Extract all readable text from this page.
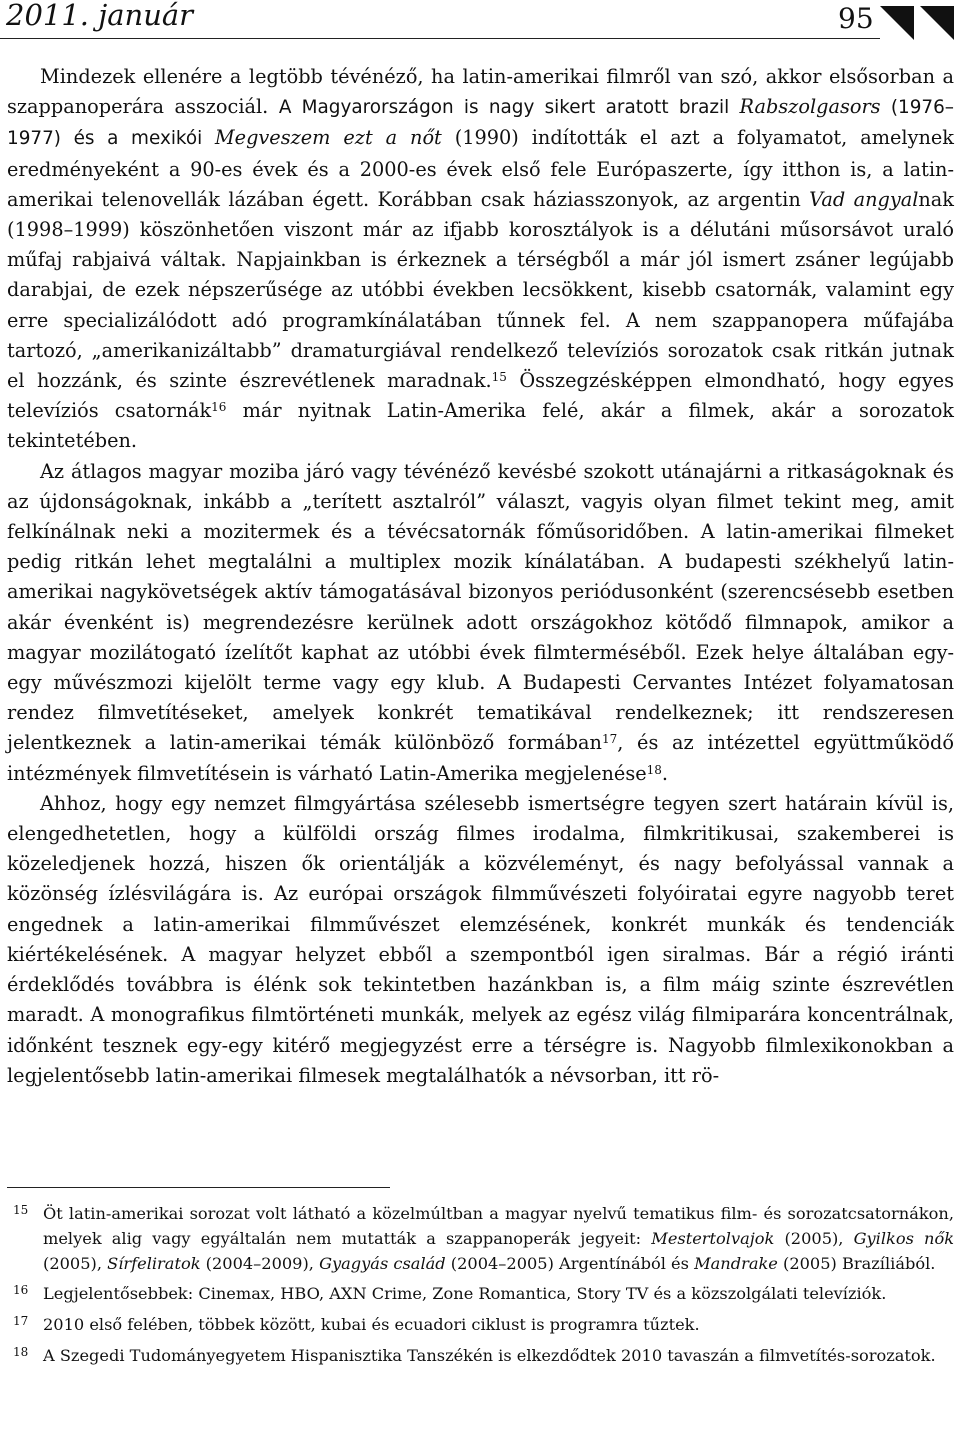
2011. január	95

Mindezek ellenére a legtöbb tévénéző, ha latin-amerikai filmről van szó, akkor elsősorban a szappanoperára asszociál. A Magyarországon is nagy sikert aratott brazil Rabszolgasors (1976–1977) és a mexikói Megveszem ezt a nőt (1990) indították el azt a folyamatot, amelynek eredményeként a 90-es évek és a 2000-es évek első fele Európaszerte, így itthon is, a latin-amerikai telenovellák lázában égett. Korábban csak háziasszonyok, az argentin Vad angyalnak (1998–1999) köszönhetően viszont már az ifjabb korosztályok is a délutáni műsorsávot uraló műfaj rabjaivá váltak. Napjainkban is érkeznek a térségből a már jól ismert zsáner legújabb darabjai, de ezek népszerűsége az utóbbi években lecsökkent, kisebb csatornák, valamint egy erre specializálódott adó programkínálatában tűnnek fel. A nem szappanopera műfajába tartozó, „amerikanizáltabb” dramaturgiával rendelkező televíziós sorozatok csak ritkán jutnak el hozzánk, és szinte észrevétlenek maradnak.$^{15}$ Összegzésképpen elmondható, hogy egyes televíziós csatornák$^{16}$ már nyitnak Latin-Amerika felé, akár a filmek, akár a sorozatok tekintetében.

Az átlagos magyar moziba járó vagy tévénéző kevésbé szokott utánajárni a ritkaságoknak és az újdonságoknak, inkább a „terített asztalról” választ, vagyis olyan filmet tekint meg, amit felkínálnak neki a mozitermek és a tévécsatornák főműsoridőben. A latin-amerikai filmeket pedig ritkán lehet megtalálni a multiplex mozik kínálatában. A budapesti székhelyű latin-amerikai nagykövetségek aktív támogatásával bizonyos periódusonként (szerencsésebb esetben akár évenként is) megrendezésre kerülnek adott országokhoz kötődő filmnapok, amikor a magyar mozilátogató ízelítőt kaphat az utóbbi évek filmterméséből. Ezek helye általában egy-egy művészmozi kijelölt terme vagy egy klub. A Budapesti Cervantes Intézet folyamatosan rendez filmvetítéseket, amelyek konkrét tematikával rendelkeznek; itt rendszeresen jelentkeznek a latin-amerikai témák különböző formában$^{17}$, és az intézettel együttműködő intézmények filmvetítésein is várható Latin-Amerika megjelenése$^{18}$.

Ahhoz, hogy egy nemzet filmgyártása szélesebb ismertségre tegyen szert határain kívül is, elengedhetetlen, hogy a külföldi ország filmes irodalma, filmkritikusai, szakemberei is közeledjenek hozzá, hiszen ők orientálják a közvéleményt, és nagy befolyással vannak a közönség ízlésvilágára is. Az európai országok filmművészeti folyóiratai egyre nagyobb teret engednek a latin-amerikai filmművészet elemzésének, konkrét munkák és tendenciák kiértékelésének. A magyar helyzet ebből a szempontból igen siralmas. Bár a régió iránti érdeklődés továbbra is élénk sok tekintetben hazánkban is, a film máig szinte észrevétlen maradt. A monografikus filmtörténeti munkák, melyek az egész világ filmiparára koncentrálnak, időnként tesznek egy-egy kitérő megjegyzést erre a térségre is. Nagyobb filmlexikonokban a legjelentősebb latin-amerikai filmesek megtalálhatók a névsorban, itt rö-

15 Öt latin-amerikai sorozat volt látható a közelmúltban a magyar nyelvű tematikus film- és sorozatcsatornákon, melyek alig vagy egyáltalán nem mutatták a szappanoperák jegyeit: Mestertolvajok (2005), Gyilkos nők (2005), Sírfeliratok (2004–2009), Gyagyás család (2004–2005) Argentínából és Mandrake (2005) Brazíliából.

16 Legjelentősebbek: Cinemax, HBO, AXN Crime, Zone Romantica, Story TV és a közszolgálati televíziók.

17 2010 első felében, többek között, kubai és ecuadori ciklust is programra tűztek.

18 A Szegedi Tudományegyetem Hispanisztika Tanszékén is elkezdődtek 2010 tavaszán a filmvetítés-sorozatok.
